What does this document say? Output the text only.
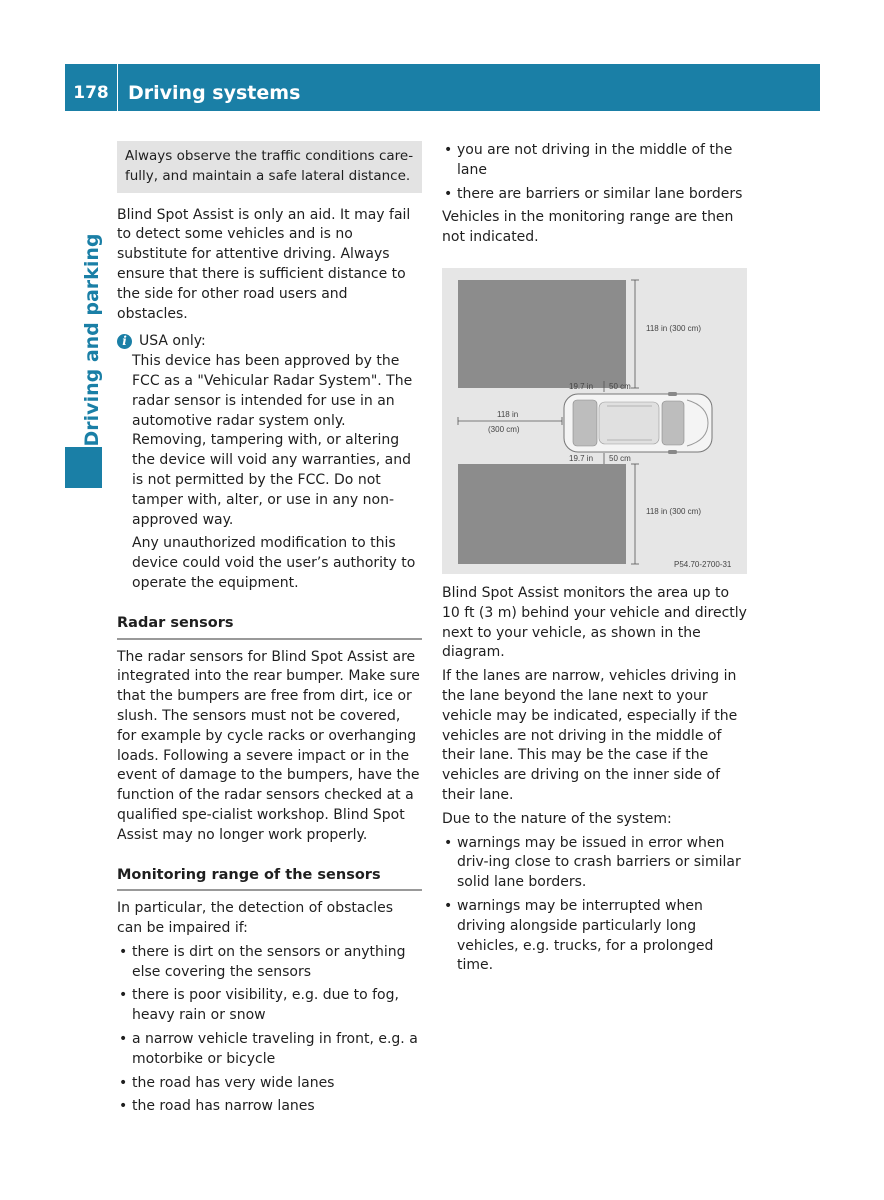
178	Driving systems
Driving and parking
Always observe the traffic conditions care-fully, and maintain a safe lateral distance.

Blind Spot Assist is only an aid. It may fail to detect some vehicles and is no substitute for attentive driving. Always ensure that there is sufficient distance to the side for other road users and obstacles.

i USA only:

This device has been approved by the FCC as a "Vehicular Radar System". The radar sensor is intended for use in an automotive radar system only. Removing, tampering with, or altering the device will void any warranties, and is not permitted by the FCC. Do not tamper with, alter, or use in any non-approved way.

Any unauthorized modification to this device could void the user’s authority to operate the equipment.

Radar sensors

The radar sensors for Blind Spot Assist are integrated into the rear bumper. Make sure that the bumpers are free from dirt, ice or slush. The sensors must not be covered, for example by cycle racks or overhanging loads. Following a severe impact or in the event of damage to the bumpers, have the function of the radar sensors checked at a qualified spe-cialist workshop. Blind Spot Assist may no longer work properly.

Monitoring range of the sensors

In particular, the detection of obstacles can be impaired if:

• there is dirt on the sensors or anything else covering the sensors
• there is poor visibility, e.g. due to fog, heavy rain or snow
• a narrow vehicle traveling in front, e.g. a motorbike or bicycle
• the road has very wide lanes
• the road has narrow lanes
• you are not driving in the middle of the lane
• there are barriers or similar lane borders

Vehicles in the monitoring range are then not indicated.

118 in (300 cm)
118 in (300 cm)
118 in
(300 cm)
19.7 in 50 cm
19.7 in 50 cm
P54.70-2700-31

Blind Spot Assist monitors the area up to 10 ft (3 m) behind your vehicle and directly next to your vehicle, as shown in the diagram.

If the lanes are narrow, vehicles driving in the lane beyond the lane next to your vehicle may be indicated, especially if the vehicles are not driving in the middle of their lane. This may be the case if the vehicles are driving on the inner side of their lane.

Due to the nature of the system:

• warnings may be issued in error when driv-ing close to crash barriers or similar solid lane borders.
• warnings may be interrupted when driving alongside particularly long vehicles, e.g. trucks, for a prolonged time.
